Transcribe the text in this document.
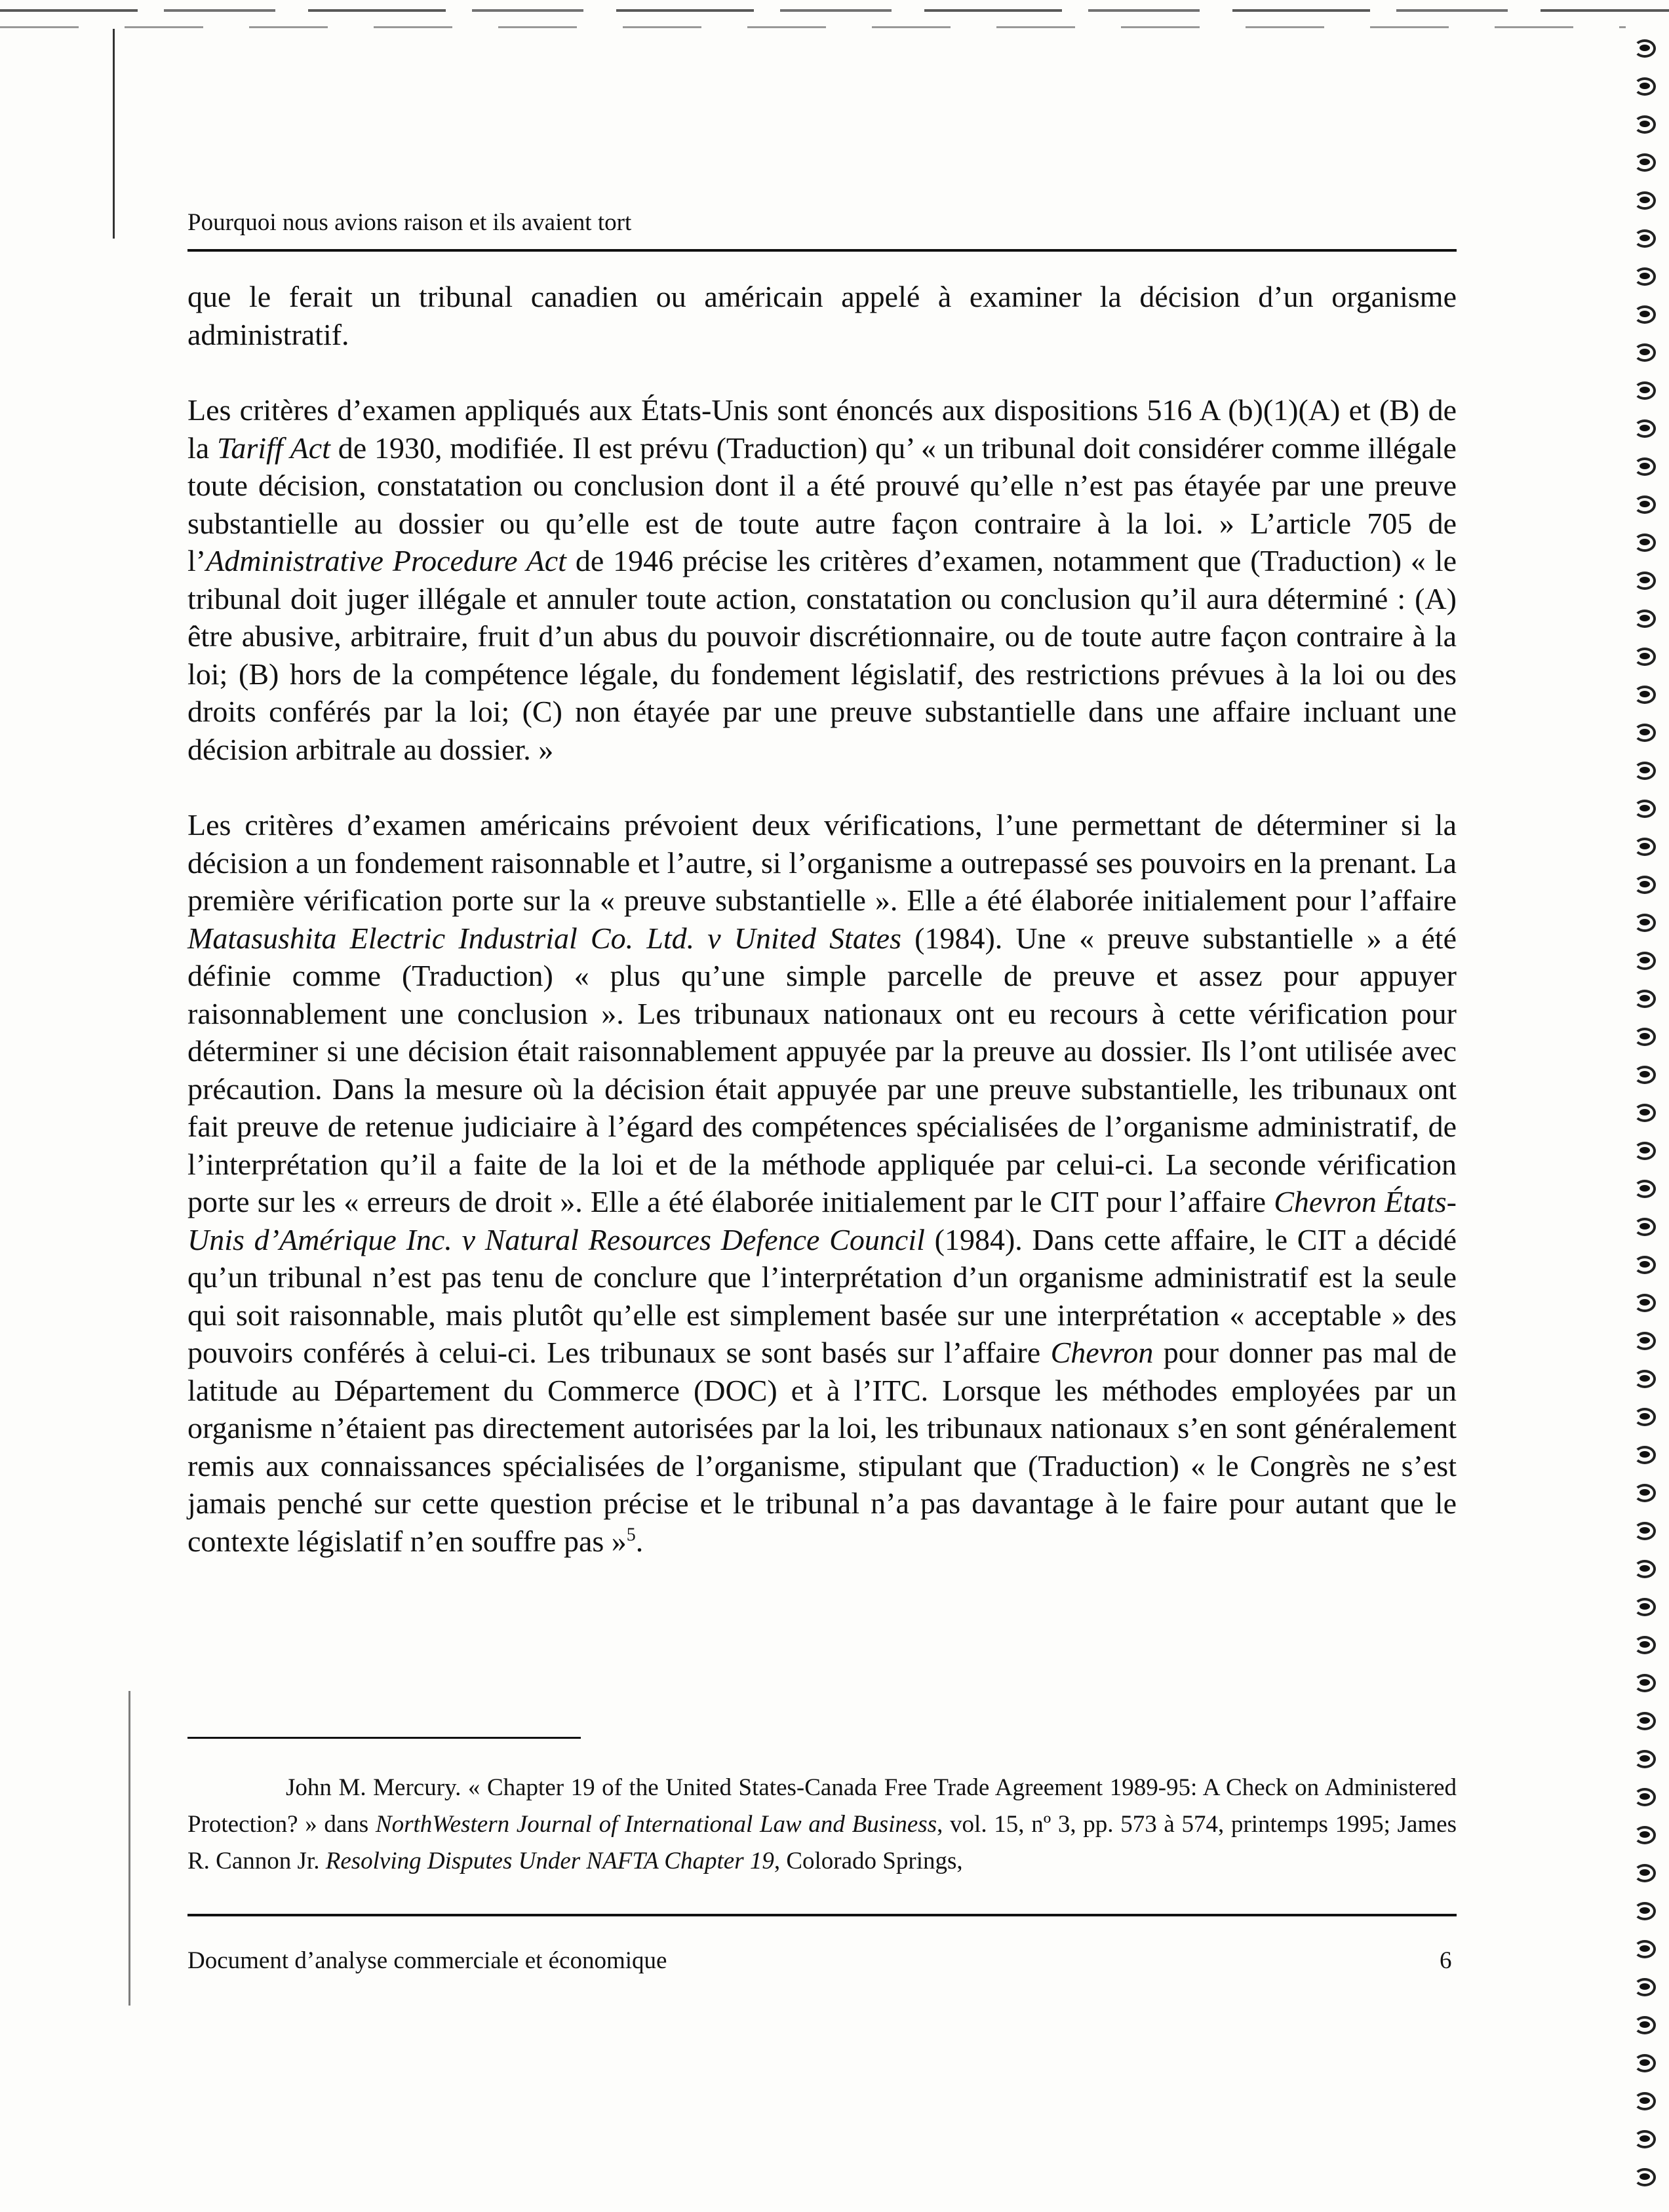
Pourquoi nous avions raison et ils avaient tort

que le ferait un tribunal canadien ou américain appelé à examiner la décision d’un organisme administratif.

Les critères d’examen appliqués aux États-Unis sont énoncés aux dispositions 516 A (b)(1)(A) et (B) de la Tariff Act de 1930, modifiée. Il est prévu (Traduction) qu’ « un tribunal doit considérer comme illégale toute décision, constatation ou conclusion dont il a été prouvé qu’elle n’est pas étayée par une preuve substantielle au dossier ou qu’elle est de toute autre façon contraire à la loi. » L’article 705 de l’Administrative Procedure Act de 1946 précise les critères d’examen, notamment que (Traduction) « le tribunal doit juger illégale et annuler toute action, constatation ou conclusion qu’il aura déterminé : (A) être abusive, arbitraire, fruit d’un abus du pouvoir discrétionnaire, ou de toute autre façon contraire à la loi; (B) hors de la compétence légale, du fondement législatif, des restrictions prévues à la loi ou des droits conférés par la loi; (C) non étayée par une preuve substantielle dans une affaire incluant une décision arbitrale au dossier. »

Les critères d’examen américains prévoient deux vérifications, l’une permettant de déterminer si la décision a un fondement raisonnable et l’autre, si l’organisme a outrepassé ses pouvoirs en la prenant. La première vérification porte sur la « preuve substantielle ». Elle a été élaborée initialement pour l’affaire Matasushita Electric Industrial Co. Ltd. v United States (1984). Une « preuve substantielle » a été définie comme (Traduction) « plus qu’une simple parcelle de preuve et assez pour appuyer raisonnablement une conclusion ». Les tribunaux nationaux ont eu recours à cette vérification pour déterminer si une décision était raisonnablement appuyée par la preuve au dossier. Ils l’ont utilisée avec précaution. Dans la mesure où la décision était appuyée par une preuve substantielle, les tribunaux ont fait preuve de retenue judiciaire à l’égard des compétences spécialisées de l’organisme administratif, de l’interprétation qu’il a faite de la loi et de la méthode appliquée par celui-ci. La seconde vérification porte sur les « erreurs de droit ». Elle a été élaborée initialement par le CIT pour l’affaire Chevron États-Unis d’Amérique Inc. v Natural Resources Defence Council (1984). Dans cette affaire, le CIT a décidé qu’un tribunal n’est pas tenu de conclure que l’interprétation d’un organisme administratif est la seule qui soit raisonnable, mais plutôt qu’elle est simplement basée sur une interprétation « acceptable » des pouvoirs conférés à celui-ci. Les tribunaux se sont basés sur l’affaire Chevron pour donner pas mal de latitude au Département du Commerce (DOC) et à l’ITC. Lorsque les méthodes employées par un organisme n’étaient pas directement autorisées par la loi, les tribunaux nationaux s’en sont généralement remis aux connaissances spécialisées de l’organisme, stipulant que (Traduction) « le Congrès ne s’est jamais penché sur cette question précise et le tribunal n’a pas davantage à le faire pour autant que le contexte législatif n’en souffre pas »$^5$.

John M. Mercury. « Chapter 19 of the United States-Canada Free Trade Agreement 1989-95: A Check on Administered Protection? » dans NorthWestern Journal of International Law and Business, vol. 15, nº 3, pp. 573 à 574, printemps 1995; James R. Cannon Jr. Resolving Disputes Under NAFTA Chapter 19, Colorado Springs,
Document d’analyse commerciale et économique	6
